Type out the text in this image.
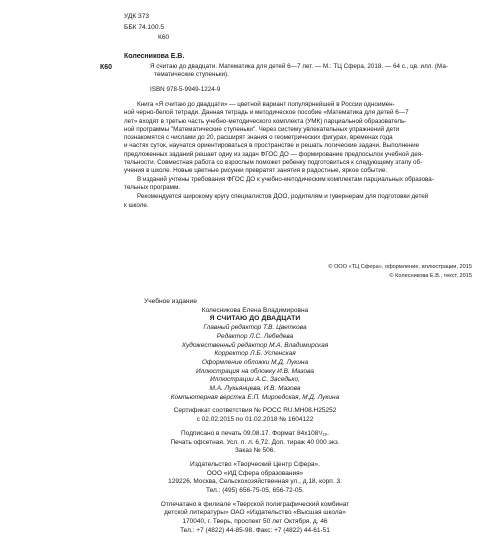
УДК 373
ББК 74.100.5
К60
Колесникова Е.В.
К60	Я считаю до двадцати. Математика для детей 6—7 лет. — М.: ТЦ Сфера, 2018. — 64 с., цв. илл. (Ма-
тематические ступеньки).
ISBN 978-5-9949-1224-9
Книга «Я считаю до двадцати» — цветной вариант популярнейшей в России одноимен-
ной черно-белой тетради. Данная тетрадь и методическое пособие «Математика для детей 6—7
лет» входят в третью часть учебно-методического комплекта (УМК) парциальной образователь-
ной программы "Математические ступеньки". Через систему увлекательных упражнений дети
познакомятся с числами до 20, расширят знания о геометрических фигурах, временах года
и частях суток, научатся ориентироваться в пространстве и решать логические задачи. Выполнение
предложенных заданий решает одну из задач ФГОС ДО — формирование предпосылок учебной дея-
тельности. Совместная работа со взрослым поможет ребенку подготовиться к следующему этапу об-
учения в школе. Новые цветные рисунки превратят занятия в радостные, яркое событие.
В изданий учтены требования ФГОС ДО к учебно-методическим комплектам парциальных образова-
тельных программ.
Рекомендуется широкому кругу специалистов ДОО, родителям и гувернерам для подготовки детей
к школе.
© ООО «ТЦ Сфера», оформление, иллюстрации, 2015
© Колесникова Е.В., текст, 2015
Учебное издание
Колесникова Елена Владимировна
Я СЧИТАЮ ДО ДВАДЦАТИ
Главный редактор Т.В. Цветкова
Редактор Л.С. Лебедева
Художественный редактор М.А. Владимирская
Корректор Л.Б. Успенская
Оформление обложки М.Д. Лукина
Иллюстрация на обложку И.В. Мазова
Иллюстрации А.С. Заседько,
М.А. Лукьянцева, И.В. Мазова
Компьютерная верстка Е.П. Мироедская, М.Д. Лукина
Сертификат соответствия № РОСС RU.МН08.Н25252
с 02.02.2015 по 01.02.2018 № 1604122
Подписано в печать 09.08.17. Формат 84x108¹/₁₆.
Печать офсетная. Усл. п. л. 6,72. Доп. тираж 40 000 экз.
Заказ № 506.
Издательство «Творческий Центр Сфера».
ООО «ИД Сфера образования»
129226, Москва, Сельскохозяйственная ул., д.18, корп. 3.
Тел.: (495) 656-75-05, 656-72-05.
Отпечатано в филиале «Тверской полиграфический комбинат
детской литературы» ОАО «Издательство «Высшая школа»
170040, г. Тверь, проспект 50 лет Октября, д. 46
Тел.: +7 (4822) 44-85-98. Факс: +7 (4822) 44-61-51
